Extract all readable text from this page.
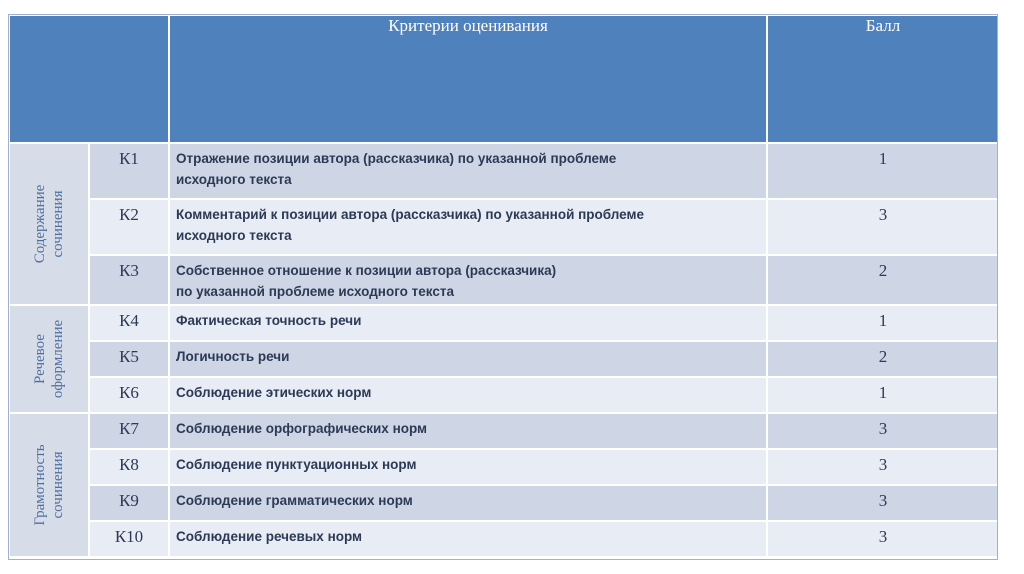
		Критерии оценивания	Балл

Содержание сочинения	К1	Отражение позиции автора (рассказчика) по указанной проблеме
исходного текста	1
	К2	Комментарий к позиции автора (рассказчика) по указанной проблеме
исходного текста	3
	К3	Собственное отношение к позиции автора (рассказчика)
по указанной проблеме исходного текста	2

Речевое оформление	К4	Фактическая точность речи	1
	К5	Логичность речи	2
	К6	Соблюдение этических норм	1

Грамотность сочинения	К7	Соблюдение орфографических норм	3
	К8	Соблюдение пунктуационных норм	3
	К9	Соблюдение грамматических норм	3
	К10	Соблюдение речевых норм	3
